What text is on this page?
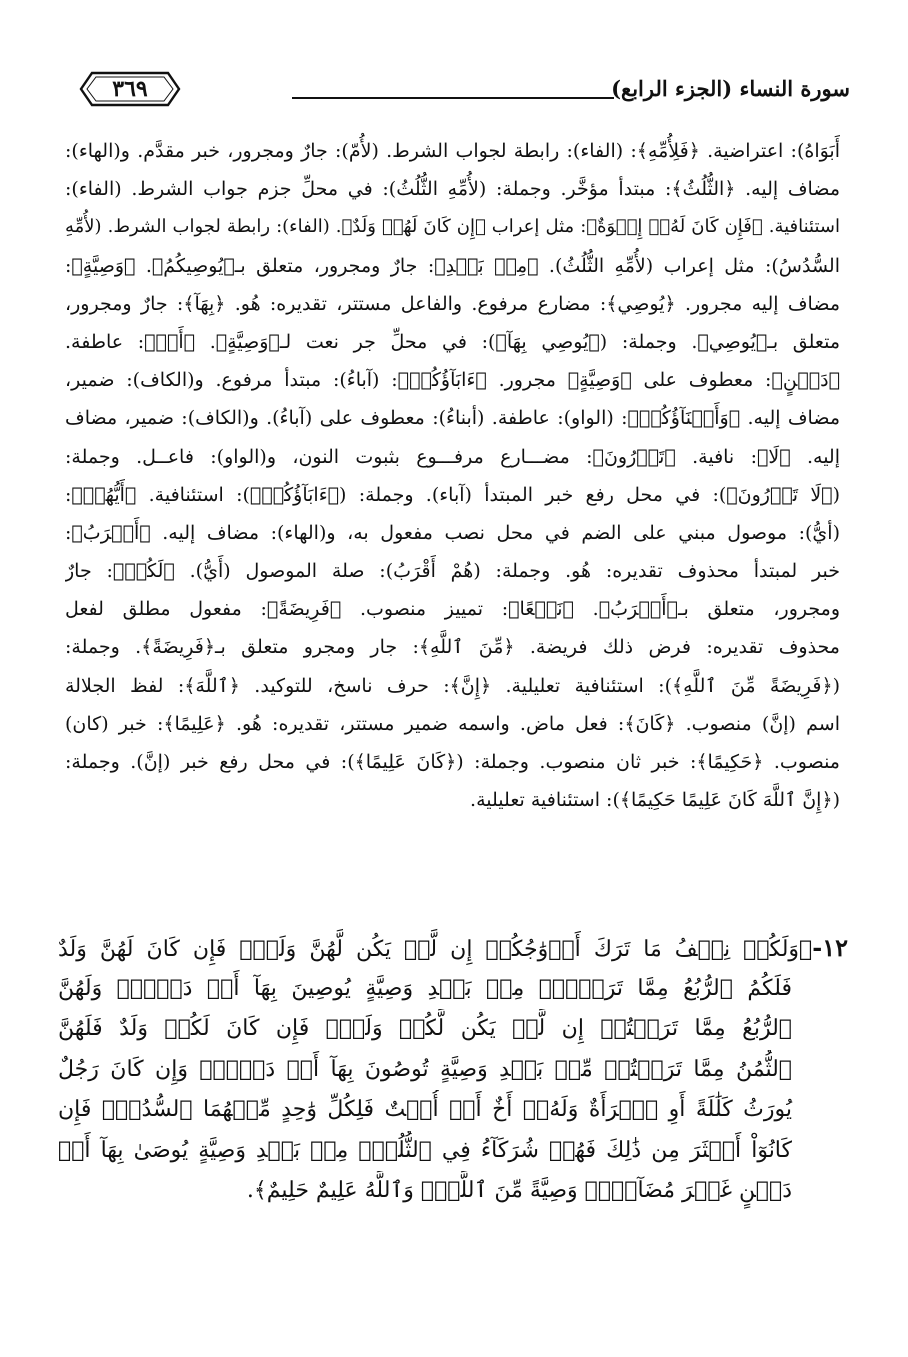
سورة النساء (الجزء الرابع)
٣٦٩
أَبَوَاهُ): اعتراضية. ﴿فَلِأُمِّهِ﴾: (الفاء): رابطة لجواب الشرط. (لأُمّ): جارٌ ومجرور، خبر مقدَّم. و(الهاء):
مضاف إليه. ﴿الثُّلُثُ﴾: مبتدأ مؤخَّر. وجملة: (لأُمِّهِ الثُّلُثُ): في محلِّ جزم جواب الشرط. (الفاء):
استئنافية. ﴿فَإِن كَانَ لَهُۥٓ إِخۡوَةٌ﴾: مثل إعراب ﴿إِن كَانَ لَهُمۡ وَلَدٌ﴾. (الفاء): رابطة لجواب الشرط. (لأُمِّهِ
السُّدُسُ): مثل إعراب (لأُمِّهِ الثُّلُثُ). ﴿مِنۢ بَعۡدِ﴾: جارٌ ومجرور، متعلق بـ﴿يُوصِيكُمُ﴾. ﴿وَصِيَّةٍ﴾:
مضاف إليه مجرور. ﴿يُوصِي﴾: مضارع مرفوع. والفاعل مستتر، تقديره: هُو. ﴿بِهَآ﴾: جارٌ ومجرور،
متعلق بـ﴿يُوصِي﴾. وجملة: (﴿يُوصِي بِهَآ﴾): في محلِّ جر نعت لـ﴿وَصِيَّةٍ﴾. ﴿أَوۡ﴾: عاطفة.
﴿دَيۡنٍ﴾: معطوف على ﴿وَصِيَّةٍ﴾ مجرور. ﴿ءَابَآؤُكُمۡ﴾: (آباءُ): مبتدأ مرفوع. و(الكاف): ضمير،
مضاف إليه. ﴿وَأَبۡنَآؤُكُمۡ﴾: (الواو): عاطفة. (أبناءُ): معطوف على (آباءُ). و(الكاف): ضمير، مضاف
إليه. ﴿لَا﴾: نافية. ﴿تَدۡرُونَ﴾: مضـــارع مرفـــوع بثبوت النون، و(الواو): فاعــل. وجملة:
(﴿لَا تَدۡرُونَ﴾): في محل رفع خبر المبتدأ (آباء). وجملة: (﴿ءَابَآؤُكُمۡ﴾): استئنافية. ﴿أَيُّهُمۡ﴾:
(أيُّ): موصول مبني على الضم في محل نصب مفعول به، و(الهاء): مضاف إليه. ﴿أَقۡرَبُ﴾:
خبر لمبتدأ محذوف تقديره: هُو. وجملة: (هُمْ أَقْرَبُ): صلة الموصول (أَيُّ). ﴿لَكُمۡ﴾: جارٌ
ومجرور، متعلق بـ﴿أَقۡرَبُ﴾. ﴿نَفۡعًا﴾: تمييز منصوب. ﴿فَرِيضَةً﴾: مفعول مطلق لفعل
محذوف تقديره: فرض ذلك فريضة. ﴿مِّنَ ٱللَّهِ﴾: جار ومجرو متعلق بـ﴿فَرِيضَةً﴾. وجملة:
(﴿فَرِيضَةً مِّنَ ٱللَّهِ﴾): استئنافية تعليلية. ﴿إِنَّ﴾: حرف ناسخ، للتوكيد. ﴿ٱللَّهَ﴾: لفظ الجلالة
اسم (إنَّ) منصوب. ﴿كَانَ﴾: فعل ماض. واسمه ضمير مستتر، تقديره: هُو. ﴿عَلِيمًا﴾: خبر (كان)
منصوب. ﴿حَكِيمًا﴾: خبر ثان منصوب. وجملة: (﴿كَانَ عَلِيمًا﴾): في محل رفع خبر (إنَّ). وجملة:
(﴿إِنَّ ٱللَّهَ كَانَ عَلِيمًا حَكِيمًا﴾): استئنافية تعليلية.
١٢-﴿وَلَكُمۡ نِصۡفُ مَا تَرَكَ أَزۡوَٰجُكُمۡ إِن لَّمۡ يَكُن لَّهُنَّ وَلَدٌۚ فَإِن كَانَ لَهُنَّ وَلَدٌ
فَلَكُمُ ٱلرُّبُعُ مِمَّا تَرَكۡنَۚ مِنۢ بَعۡدِ وَصِيَّةٍ يُوصِينَ بِهَآ أَوۡ دَيۡنٍۚ وَلَهُنَّ
ٱلرُّبُعُ مِمَّا تَرَكۡتُمۡ إِن لَّمۡ يَكُن لَّكُمۡ وَلَدٌۚ فَإِن كَانَ لَكُمۡ وَلَدٌ فَلَهُنَّ
ٱلثُّمُنُ مِمَّا تَرَكۡتُمۚ مِّنۢ بَعۡدِ وَصِيَّةٍ تُوصُونَ بِهَآ أَوۡ دَيۡنٍۗ وَإِن كَانَ رَجُلٌ
يُورَثُ كَلَٰلَةً أَوِ ٱمۡرَأَةٌ وَلَهُۥٓ أَخٌ أَوۡ أُخۡتٌ فَلِكُلِّ وَٰحِدٍ مِّنۡهُمَا ٱلسُّدُسُۚ فَإِن
كَانُوٓاْ أَكۡثَرَ مِن ذَٰلِكَ فَهُمۡ شُرَكَآءُ فِي ٱلثُّلُثِۚ مِنۢ بَعۡدِ وَصِيَّةٍ يُوصَىٰ بِهَآ أَوۡ
دَيۡنٍ غَيۡرَ مُضَآرٍّۚ وَصِيَّةً مِّنَ ٱللَّهِۗ وَٱللَّهُ عَلِيمٌ حَلِيمٌ﴾.
